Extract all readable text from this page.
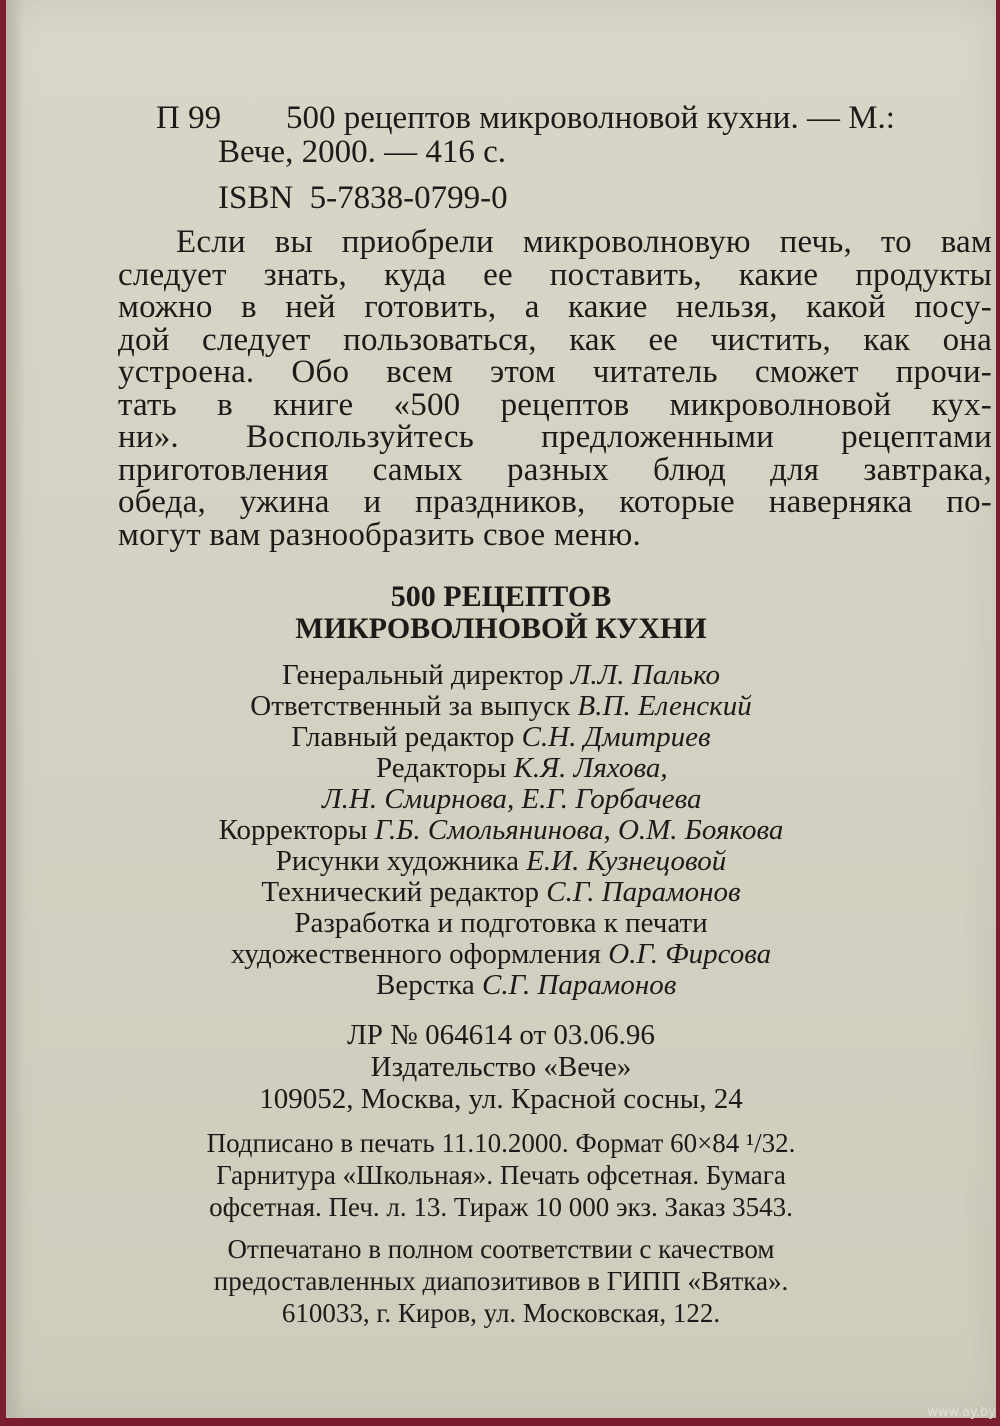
П 99 500 рецептов микроволновой кухни. — М.:
Вече, 2000. — 416 с.
ISBN  5-7838-0799-0
Если вы приобрели микроволновую печь, то вам
следует знать, куда ее поставить, какие продукты
можно в ней готовить, а какие нельзя, какой посу-
дой следует пользоваться, как ее чистить, как она
устроена. Обо всем этом читатель сможет прочи-
тать в книге «500 рецептов микроволновой кух-
ни». Воспользуйтесь предложенными рецептами
приготовления самых разных блюд для завтрака,
обеда, ужина и праздников, которые наверняка по-
могут вам разнообразить свое меню.
500 РЕЦЕПТОВ
МИКРОВОЛНОВОЙ КУХНИ
Генеральный директор Л.Л. Палько
Ответственный за выпуск В.П. Еленский
Главный редактор С.Н. Дмитриев
Редакторы К.Я. Ляхова,
Л.Н. Смирнова, Е.Г. Горбачева
Корректоры Г.Б. Смольянинова, О.М. Боякова
Рисунки художника Е.И. Кузнецовой
Технический редактор С.Г. Парамонов
Разработка и подготовка к печати
художественного оформления О.Г. Фирсова
Верстка С.Г. Парамонов
ЛР № 064614 от 03.06.96
Издательство «Вече»
109052, Москва, ул. Красной сосны, 24
Подписано в печать 11.10.2000. Формат 60×84 ¹/32.
Гарнитура «Школьная». Печать офсетная. Бумага
офсетная. Печ. л. 13. Тираж 10 000 экз. Заказ 3543.
Отпечатано в полном соответствии с качеством
предоставленных диапозитивов в ГИПП «Вятка».
610033, г. Киров, ул. Московская, 122.
www.ay.by
